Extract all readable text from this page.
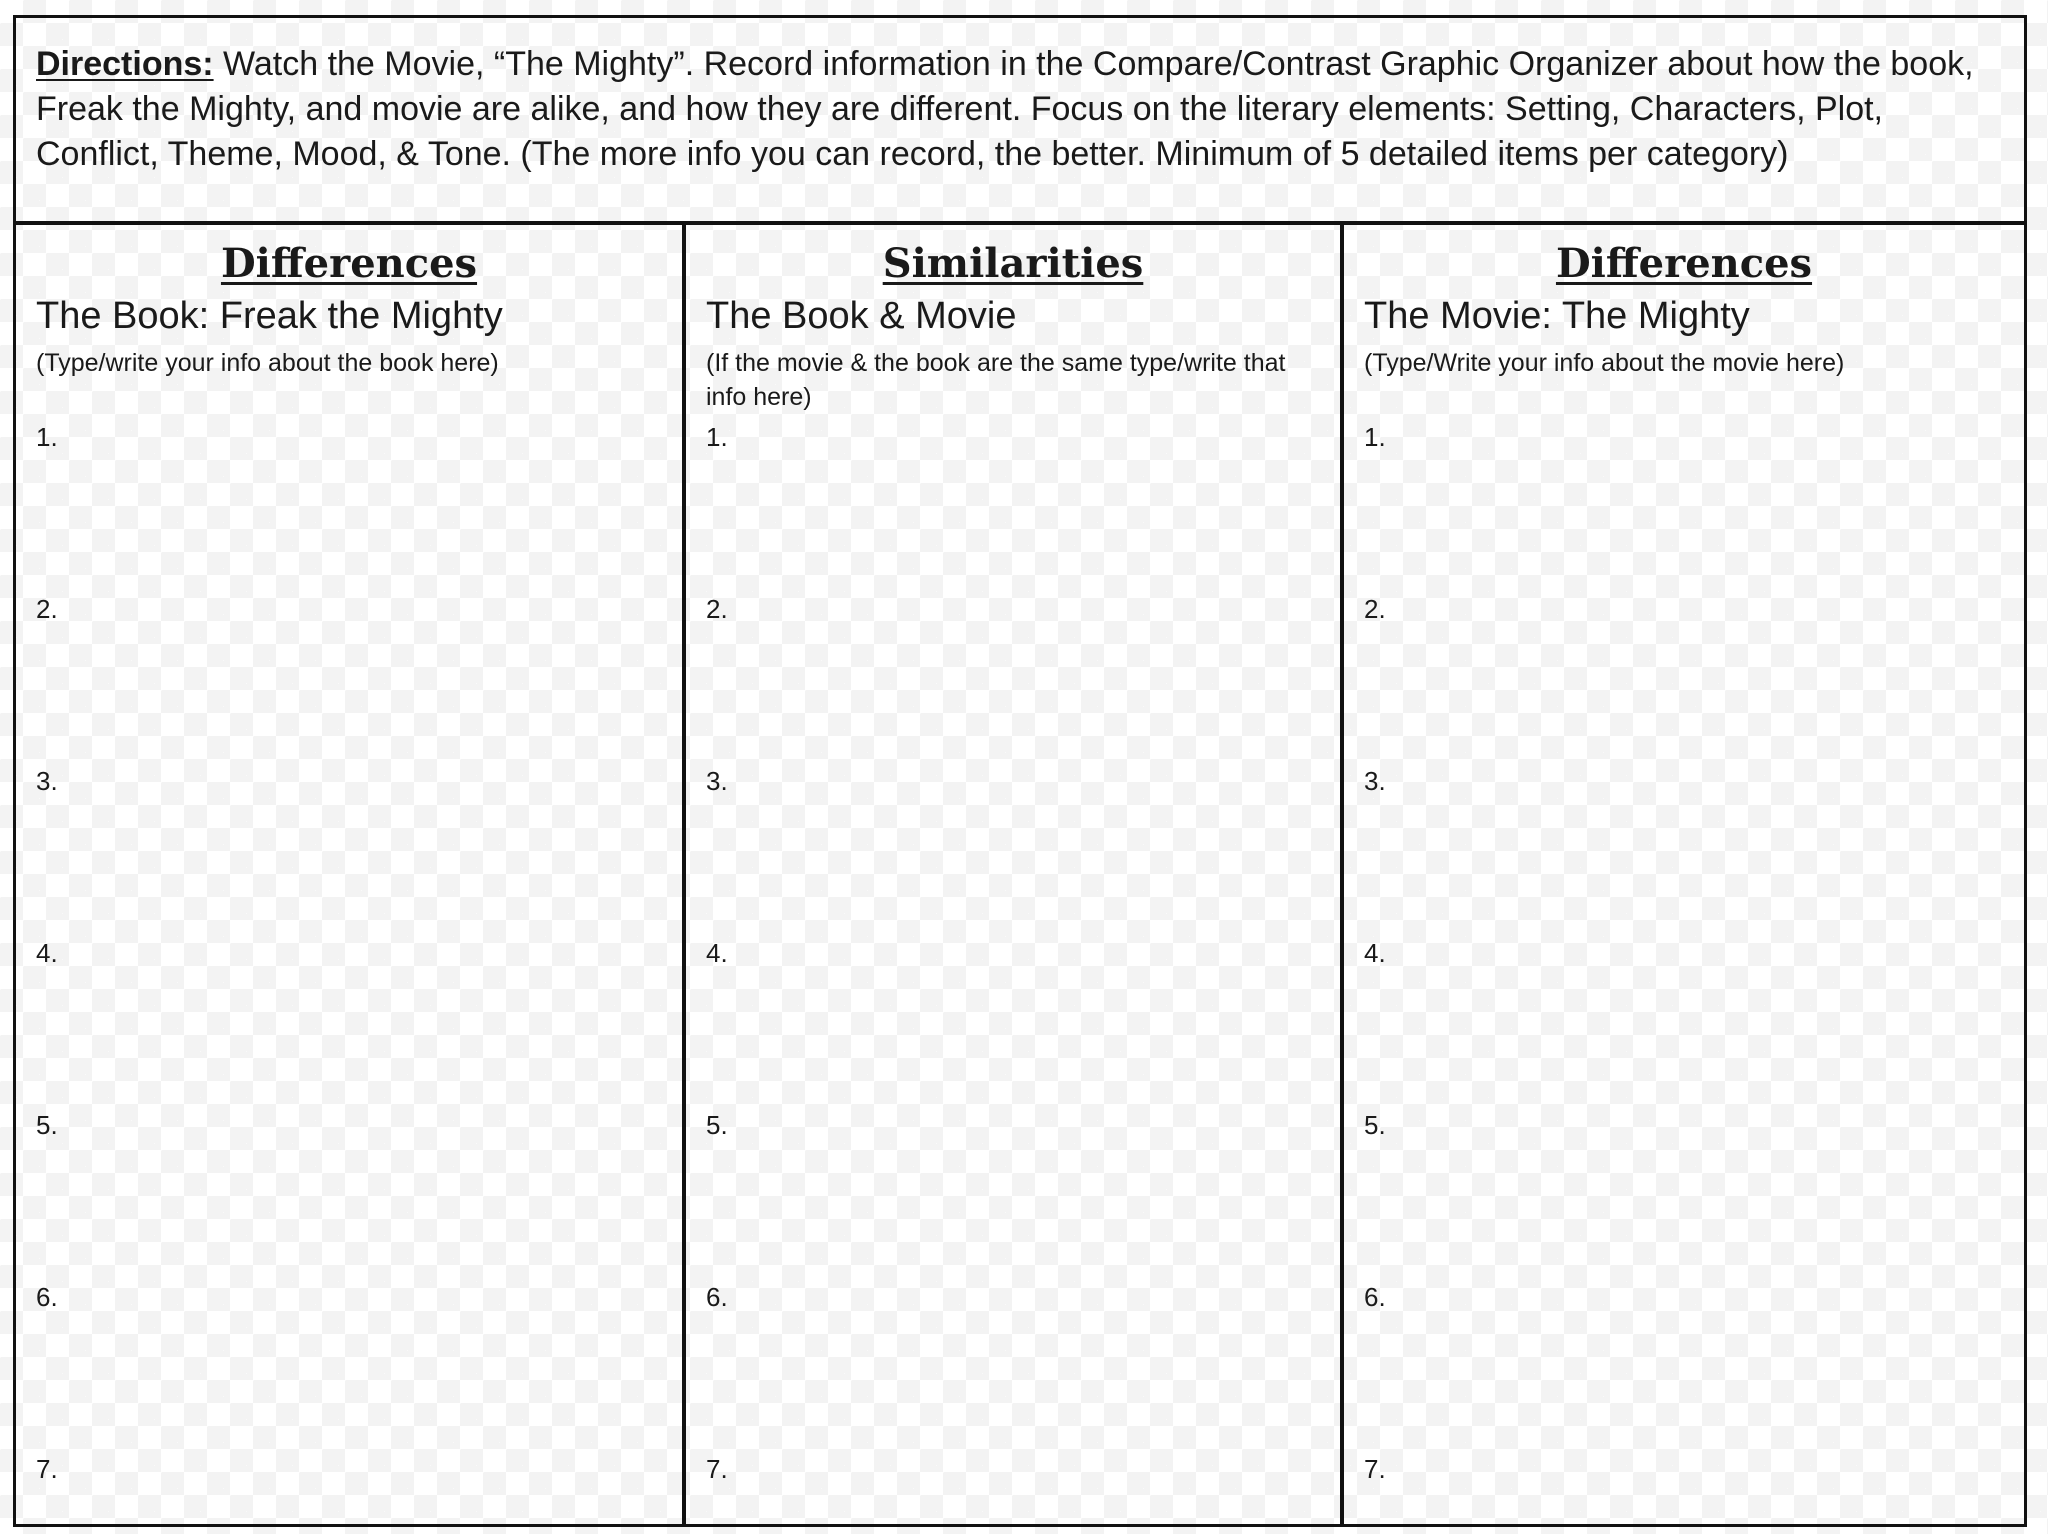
Directions: Watch the Movie, “The Mighty”. Record information in the Compare/Contrast Graphic Organizer about how the book, Freak the Mighty, and movie are alike, and how they are different. Focus on the literary elements: Setting, Characters, Plot, Conflict, Theme, Mood, & Tone. (The more info you can record, the better. Minimum of 5 detailed items per category)
Differences
The Book: Freak the Mighty
(Type/write your info about the book here)
1.
2.
3.
4.
5.
6.
7.
Similarities
The Book & Movie
(If the movie & the book are the same type/write that info here)
1.
2.
3.
4.
5.
6.
7.
Differences
The Movie: The Mighty
(Type/Write your info about the movie here)
1.
2.
3.
4.
5.
6.
7.
